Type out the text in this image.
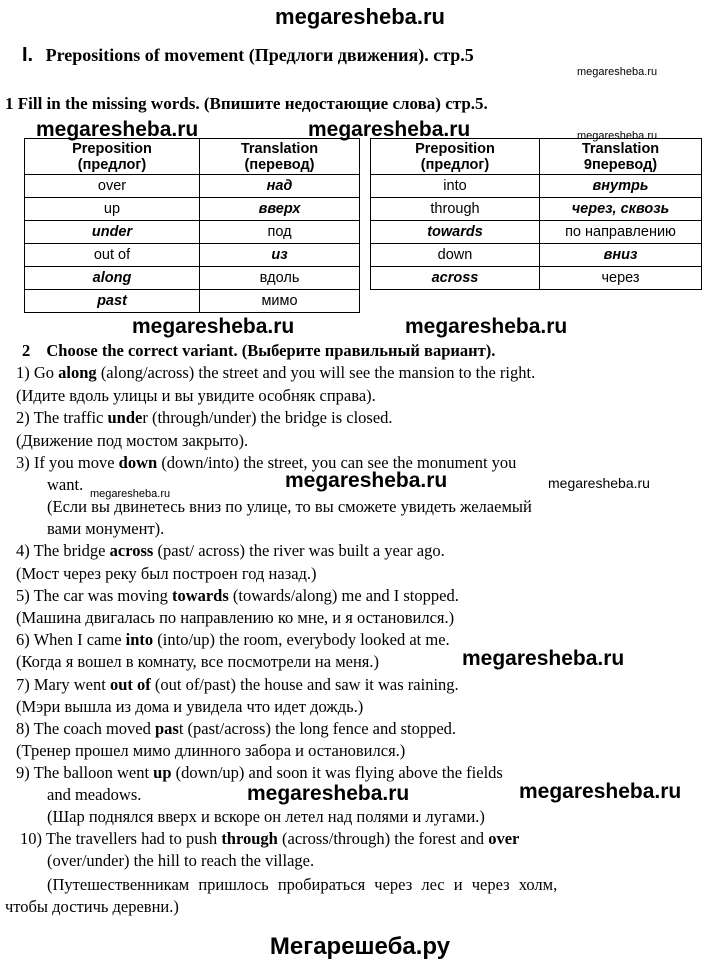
megaresheba.ru
I. Prepositions of movement (Предлоги движения). стр.5
megaresheba.ru
1 Fill in the missing words. (Впишите недостающие слова) стр.5.
megaresheba.ru	megaresheba.ru	megaresheba.ru
Preposition
(предлог)	Translation
(перевод)
over	над
up	вверх
under	под
out of	из
along	вдоль
past	мимо
Preposition
(предлог)	Translation
9перевод)
into	внутрь
through	через, сквозь
towards	по направлению
down	вниз
across	через
megaresheba.ru	megaresheba.ru
2 Choose the correct variant. (Выберите правильный вариант).
1) Go along (along/across) the street and you will see the mansion to the right.
(Идите вдоль улицы и вы увидите особняк справа).
2) The traffic under (through/under) the bridge is closed.
(Движение под мостом закрыто).
3) If you move down (down/into) the street, you can see the monument you
want. megaresheba.ru
megaresheba.ru	megaresheba.ru
(Если вы двинетесь вниз по улице, то вы сможете увидеть желаемый
вами монумент).
4) The bridge across (past/ across) the river was built a year ago.
(Мост через реку был построен год назад.)
5) The car was moving towards (towards/along) me and I stopped.
(Машина двигалась по направлению ко мне, и я остановился.)
6) When I came into (into/up) the room, everybody looked at me.
(Когда я вошел в комнату, все посмотрели на меня.)	megaresheba.ru
7) Mary went out of (out of/past) the house and saw it was raining.
(Мэри вышла из дома и увидела что идет дождь.)
8) The coach moved past (past/across) the long fence and stopped.
(Тренер прошел мимо длинного забора и остановился.)
9) The balloon went up (down/up) and soon it was flying above the fields
and meadows.	megaresheba.ru	megaresheba.ru
(Шар поднялся вверх и вскоре он летел над полями и лугами.)
10) The travellers had to push through (across/through) the forest and over
(over/under) the hill to reach the village.
(Путешественникам пришлось пробираться через лес и через холм,
чтобы достичь деревни.)
Мегарешеба.ру
